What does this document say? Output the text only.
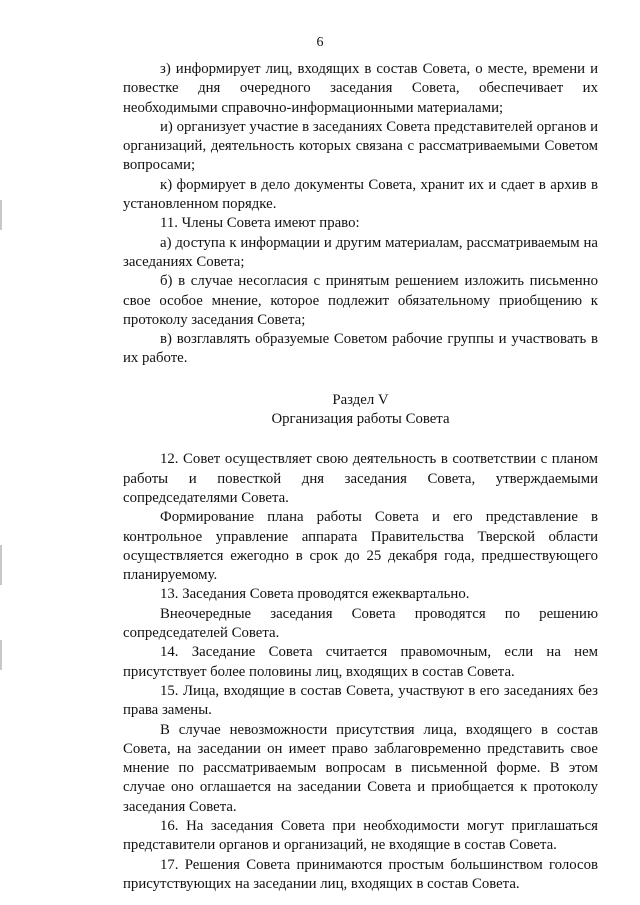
6

з) информирует лиц, входящих в состав Совета, о месте, времени и повестке дня очередного заседания Совета, обеспечивает их необходимыми справочно-информационными материалами;

и) организует участие в заседаниях Совета представителей органов и организаций, деятельность которых связана с рассматриваемыми Советом вопросами;

к) формирует в дело документы Совета, хранит их и сдает в архив в установленном порядке.

11. Члены Совета имеют право:

а) доступа к информации и другим материалам, рассматриваемым на заседаниях Совета;

б) в случае несогласия с принятым решением изложить письменно свое особое мнение, которое подлежит обязательному приобщению к протоколу заседания Совета;

в) возглавлять образуемые Советом рабочие группы и участвовать в их работе.

Раздел V

Организация работы Совета

12. Совет осуществляет свою деятельность в соответствии с планом работы и повесткой дня заседания Совета, утверждаемыми сопредседателями Совета.

Формирование плана работы Совета и его представление в контрольное управление аппарата Правительства Тверской области осуществляется ежегодно в срок до 25 декабря года, предшествующего планируемому.

13. Заседания Совета проводятся ежеквартально.

Внеочередные заседания Совета проводятся по решению сопредседателей Совета.

14. Заседание Совета считается правомочным, если на нем присутствует более половины лиц, входящих в состав Совета.

15. Лица, входящие в состав Совета, участвуют в его заседаниях без права замены.

В случае невозможности присутствия лица, входящего в состав Совета, на заседании он имеет право заблаговременно представить свое мнение по рассматриваемым вопросам в письменной форме. В этом случае оно оглашается на заседании Совета и приобщается к протоколу заседания Совета.

16. На заседания Совета при необходимости могут приглашаться представители органов и организаций, не входящие в состав Совета.

17. Решения Совета принимаются простым большинством голосов присутствующих на заседании лиц, входящих в состав Совета.
